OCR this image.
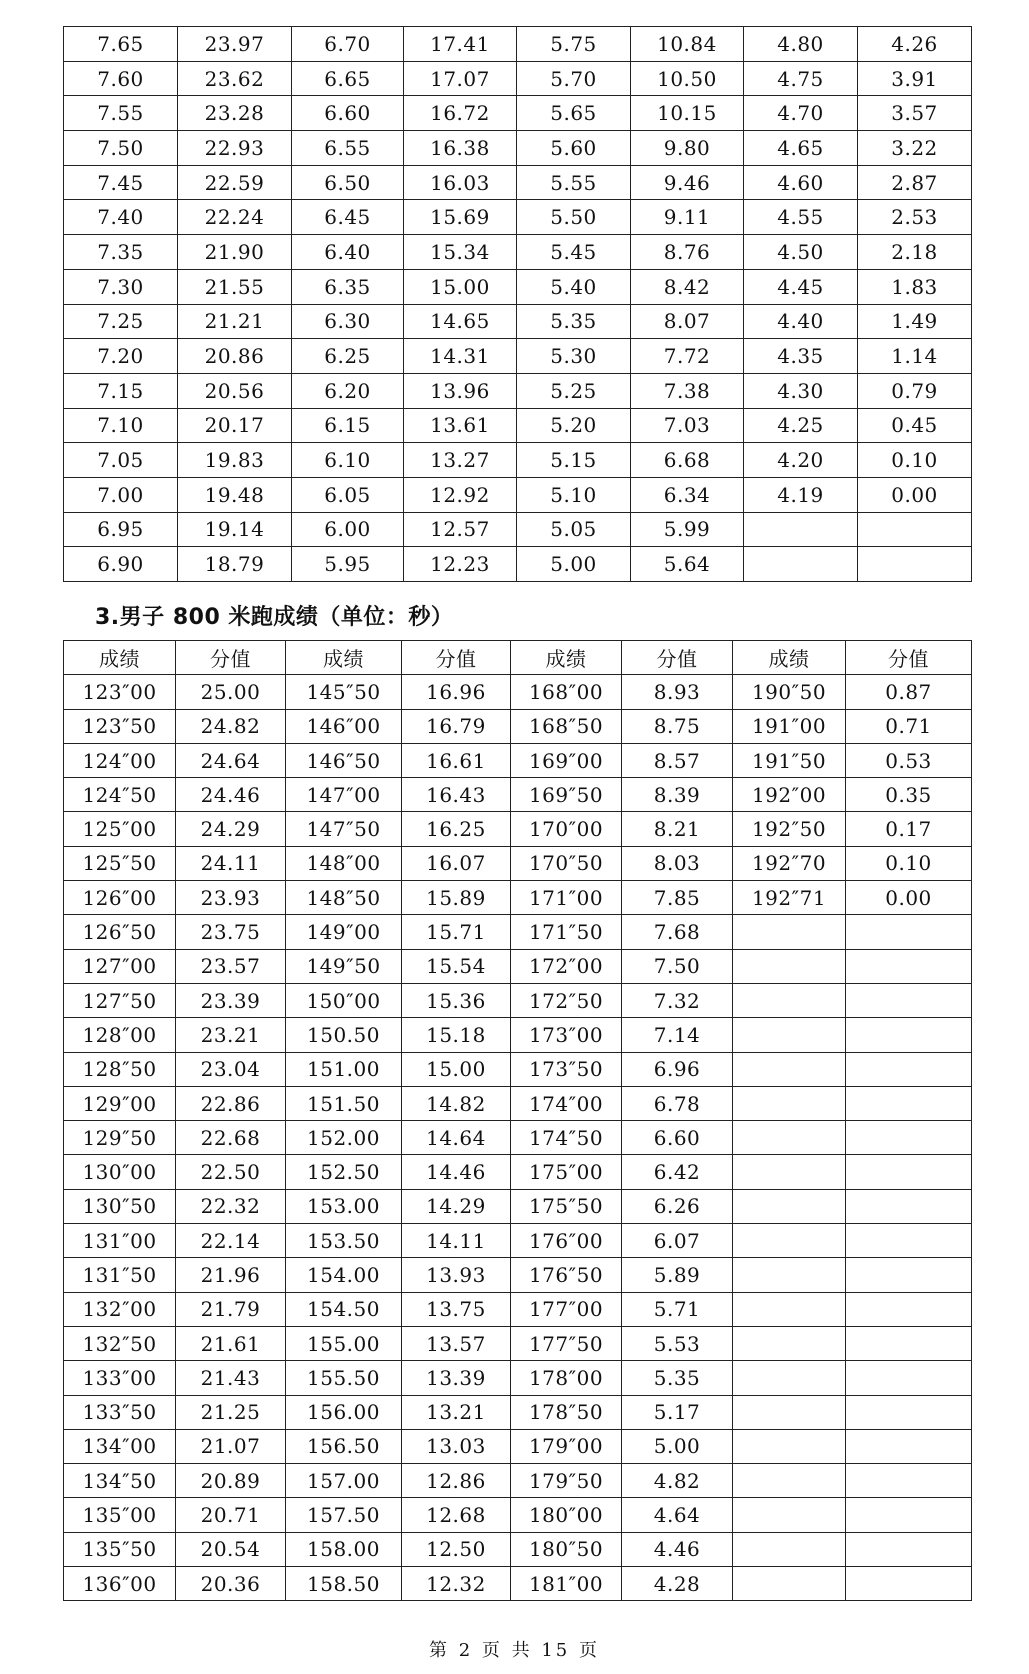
7.65	23.97	6.70	17.41	5.75	10.84	4.80	4.26
7.60	23.62	6.65	17.07	5.70	10.50	4.75	3.91
7.55	23.28	6.60	16.72	5.65	10.15	4.70	3.57
7.50	22.93	6.55	16.38	5.60	9.80	4.65	3.22
7.45	22.59	6.50	16.03	5.55	9.46	4.60	2.87
7.40	22.24	6.45	15.69	5.50	9.11	4.55	2.53
7.35	21.90	6.40	15.34	5.45	8.76	4.50	2.18
7.30	21.55	6.35	15.00	5.40	8.42	4.45	1.83
7.25	21.21	6.30	14.65	5.35	8.07	4.40	1.49
7.20	20.86	6.25	14.31	5.30	7.72	4.35	1.14
7.15	20.56	6.20	13.96	5.25	7.38	4.30	0.79
7.10	20.17	6.15	13.61	5.20	7.03	4.25	0.45
7.05	19.83	6.10	13.27	5.15	6.68	4.20	0.10
7.00	19.48	6.05	12.92	5.10	6.34	4.19	0.00
6.95	19.14	6.00	12.57	5.05	5.99		
6.90	18.79	5.95	12.23	5.00	5.64		
3.男子 800 米跑成绩（单位：秒）
成绩	分值	成绩	分值	成绩	分值	成绩	分值
123″00	25.00	145″50	16.96	168″00	8.93	190″50	0.87
123″50	24.82	146″00	16.79	168″50	8.75	191″00	0.71
124″00	24.64	146″50	16.61	169″00	8.57	191″50	0.53
124″50	24.46	147″00	16.43	169″50	8.39	192″00	0.35
125″00	24.29	147″50	16.25	170″00	8.21	192″50	0.17
125″50	24.11	148″00	16.07	170″50	8.03	192″70	0.10
126″00	23.93	148″50	15.89	171″00	7.85	192″71	0.00
126″50	23.75	149″00	15.71	171″50	7.68		
127″00	23.57	149″50	15.54	172″00	7.50		
127″50	23.39	150″00	15.36	172″50	7.32		
128″00	23.21	150.50	15.18	173″00	7.14		
128″50	23.04	151.00	15.00	173″50	6.96		
129″00	22.86	151.50	14.82	174″00	6.78		
129″50	22.68	152.00	14.64	174″50	6.60		
130″00	22.50	152.50	14.46	175″00	6.42		
130″50	22.32	153.00	14.29	175″50	6.26		
131″00	22.14	153.50	14.11	176″00	6.07		
131″50	21.96	154.00	13.93	176″50	5.89		
132″00	21.79	154.50	13.75	177″00	5.71		
132″50	21.61	155.00	13.57	177″50	5.53		
133″00	21.43	155.50	13.39	178″00	5.35		
133″50	21.25	156.00	13.21	178″50	5.17		
134″00	21.07	156.50	13.03	179″00	5.00		
134″50	20.89	157.00	12.86	179″50	4.82		
135″00	20.71	157.50	12.68	180″00	4.64		
135″50	20.54	158.00	12.50	180″50	4.46		
136″00	20.36	158.50	12.32	181″00	4.28		
第 2 页 共 15 页
